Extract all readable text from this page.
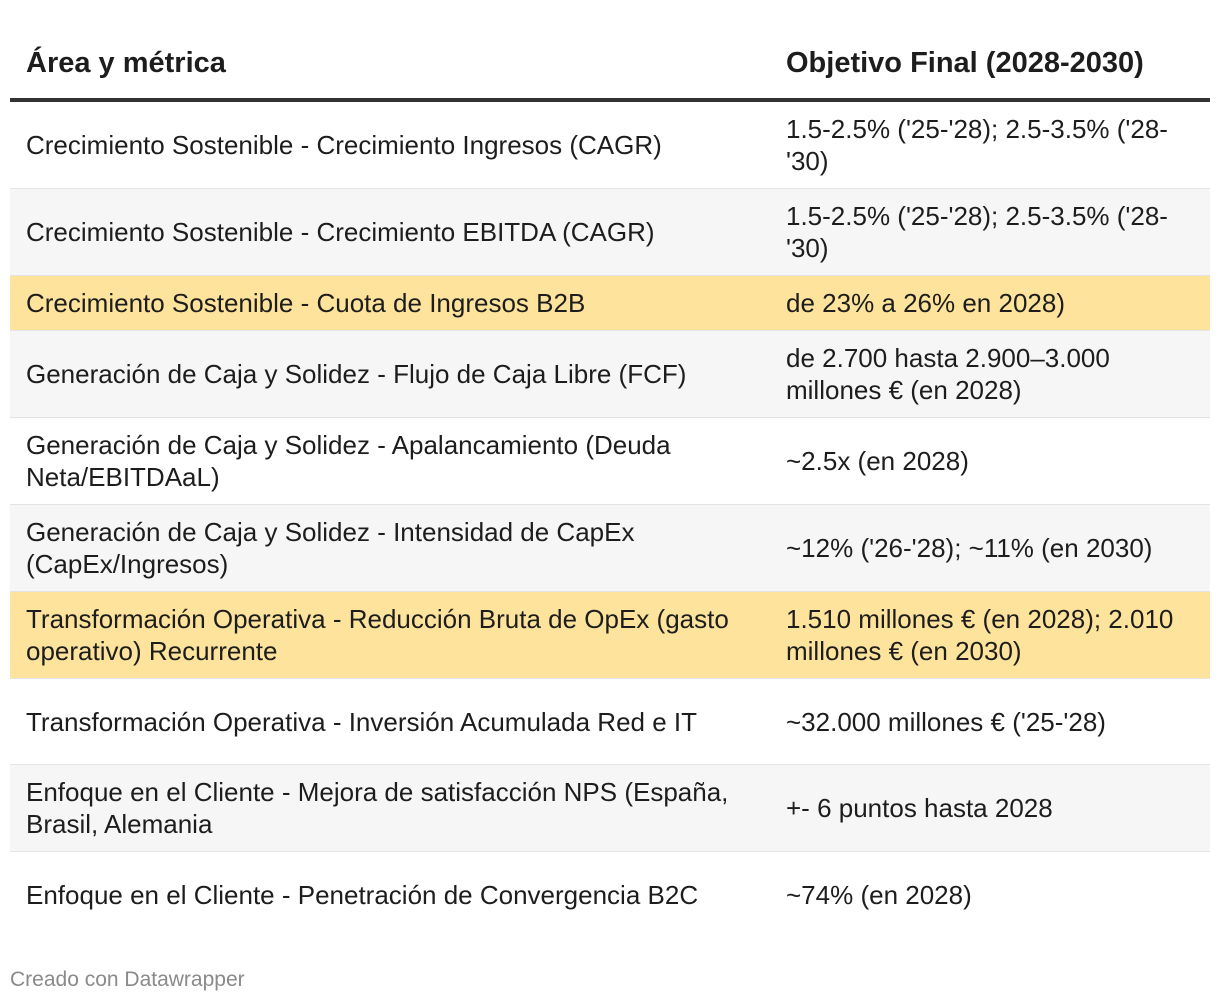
Área y métrica	Objetivo Final (2028-2030)
Crecimiento Sostenible - Crecimiento Ingresos (CAGR)	1.5-2.5% ('25-'28); 2.5-3.5% ('28-'30)
Crecimiento Sostenible - Crecimiento EBITDA (CAGR)	1.5-2.5% ('25-'28); 2.5-3.5% ('28-'30)
Crecimiento Sostenible - Cuota de Ingresos B2B	de 23% a 26% en 2028)
Generación de Caja y Solidez - Flujo de Caja Libre (FCF)	de 2.700 hasta 2.900–3.000 millones € (en 2028)
Generación de Caja y Solidez - Apalancamiento (Deuda Neta/EBITDAaL)	~2.5x (en 2028)
Generación de Caja y Solidez - Intensidad de CapEx (CapEx/Ingresos)	~12% ('26-'28); ~11% (en 2030)
Transformación Operativa - Reducción Bruta de OpEx (gasto operativo) Recurrente	1.510 millones € (en 2028); 2.010 millones € (en 2030)
Transformación Operativa - Inversión Acumulada Red e IT	~32.000 millones € ('25-'28)
Enfoque en el Cliente - Mejora de satisfacción NPS (España, Brasil, Alemania	+- 6 puntos hasta 2028
Enfoque en el Cliente - Penetración de Convergencia B2C	~74% (en 2028)
Creado con Datawrapper
